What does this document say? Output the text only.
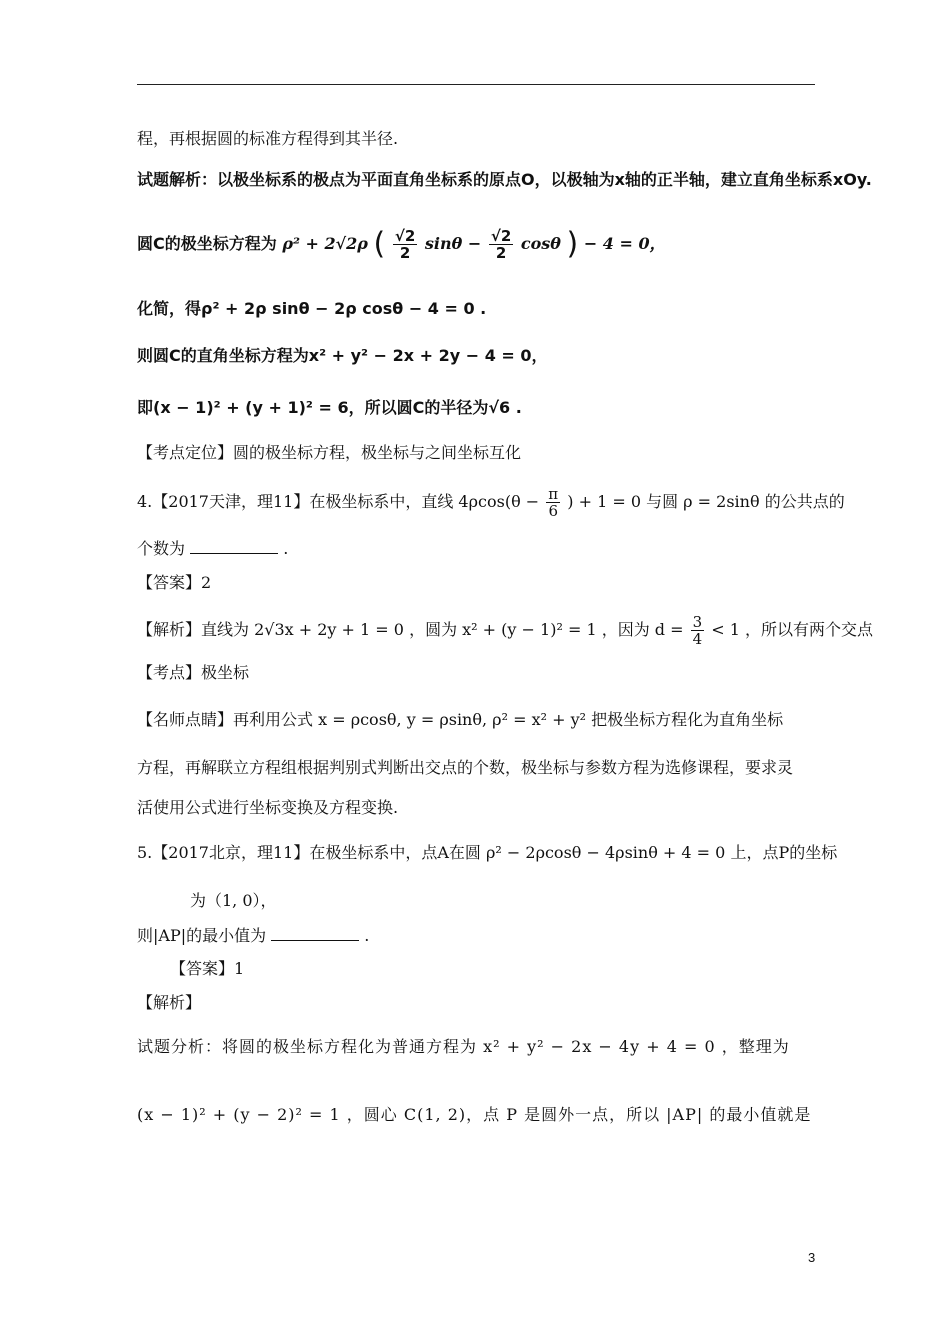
程，再根据圆的标准方程得到其半径.
试题解析：以极坐标系的极点为平面直角坐标系的原点O，以极轴为x轴的正半轴，建立直角坐标系xOy.
圆C的极坐标方程为 ρ² + 2√2ρ ( $\frac{√2}{2}$ $\sin\theta - \frac{√2}{2}$ cosθ ) − 4 = 0，
化简，得ρ² + 2ρ sinθ − 2ρ cosθ − 4 = 0 .
则圆C的直角坐标方程为x² + y² − 2x + 2y − 4 = 0，
即(x − 1)² + (y + 1)² = 6，所以圆C的半径为√6 .
【考点定位】圆的极坐标方程，极坐标与之间坐标互化
4.【2017天津，理11】在极坐标系中，直线 $4\rho\cos(\theta - \frac{\pi}{6}$ ) + 1 = 0 与圆 ρ = 2sinθ 的公共点的
个数为	.
【答案】2
【解析】直线为 2√3x + 2y + 1 = 0 ，圆为 x² + (y − 1)² = 1 ，因为 $d = \frac{3}{4} < 1$ ，所以有两个交点
【考点】极坐标
【名师点睛】再利用公式 x = ρcosθ, y = ρsinθ, ρ² = x² + y² 把极坐标方程化为直角坐标
方程，再解联立方程组根据判别式判断出交点的个数，极坐标与参数方程为选修课程，要求灵
活使用公式进行坐标变换及方程变换.
5.【2017北京，理11】在极坐标系中，点A在圆 ρ² − 2ρcosθ − 4ρsinθ + 4 = 0 上，点P的坐标
为（1, 0），
则|AP|的最小值为	.
【答案】1
【解析】
试题分析：将圆的极坐标方程化为普通方程为 x² + y² − 2x − 4y + 4 = 0 ，整理为
(x − 1)² + (y − 2)² = 1 ，圆心 C(1, 2)，点 P 是圆外一点，所以 |AP| 的最小值就是
3
